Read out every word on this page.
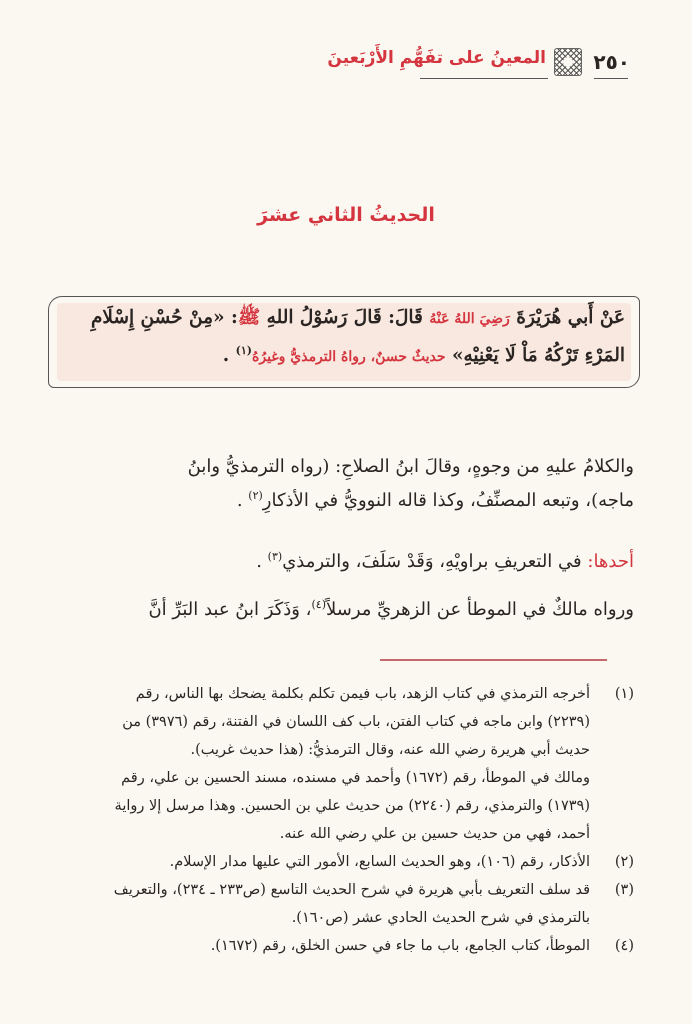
٢٥٠
المعينُ على تفَهُّمِ الأَرْبَعينَ
الحديثُ الثاني عشرَ
عَنْ أَبي هُرَيْرَةَ رَضِيَ اللهُ عَنْهُ قَالَ: قَالَ رَسُوْلُ اللهِ ﷺ: «مِنْ حُسْنِ إِسْلَامِ
المَرْءِ تَرْكُهُ مَاْ لَا يَعْنِيْهِ» حديثٌ حسنٌ، رواهُ الترمذيُّ وغيرُهُ$^{(١)}$ .
والكلامُ عليهِ من وجوهٍ، وقالَ ابنُ الصلاحِ: (رواه الترمذيُّ وابنُ
ماجه)، وتبعه المصنِّفُ، وكذا قاله النوويُّ في الأذكارِ$^{(٢)}$ .
أحدها: في التعريفِ براويْهِ، وَقَدْ سَلَفَ، والترمذي$^{(٣)}$ .
ورواه مالكٌ في الموطأ عن الزهريِّ مرسلاً$^{(٤)}$، وَذَكَرَ ابنُ عبد البَرِّ أنَّ
(١)
أخرجه الترمذي في كتاب الزهد، باب فيمن تكلم بكلمة يضحك بها الناس، رقم
(٢٢٣٩) وابن ماجه في كتاب الفتن، باب كف اللسان في الفتنة، رقم (٣٩٧٦) من
حديث أبي هريرة رضي الله عنه، وقال الترمذيُّ: (هذا حديث غريب).
ومالك في الموطأ، رقم (١٦٧٢) وأحمد في مسنده، مسند الحسين بن علي، رقم
(١٧٣٩) والترمذي، رقم (٢٢٤٠) من حديث علي بن الحسين. وهذا مرسل إلا رواية
أحمد، فهي من حديث حسين بن علي رضي الله عنه.
(٢)
الأذكار، رقم (١٠٦)، وهو الحديث السابع، الأمور التي عليها مدار الإسلام.
(٣)
قد سلف التعريف بأبي هريرة في شرح الحديث التاسع (ص٢٣٣ ـ ٢٣٤)، والتعريف
بالترمذي في شرح الحديث الحادي عشر (ص١٦٠).
(٤)
الموطأ، كتاب الجامع، باب ما جاء في حسن الخلق، رقم (١٦٧٢).
